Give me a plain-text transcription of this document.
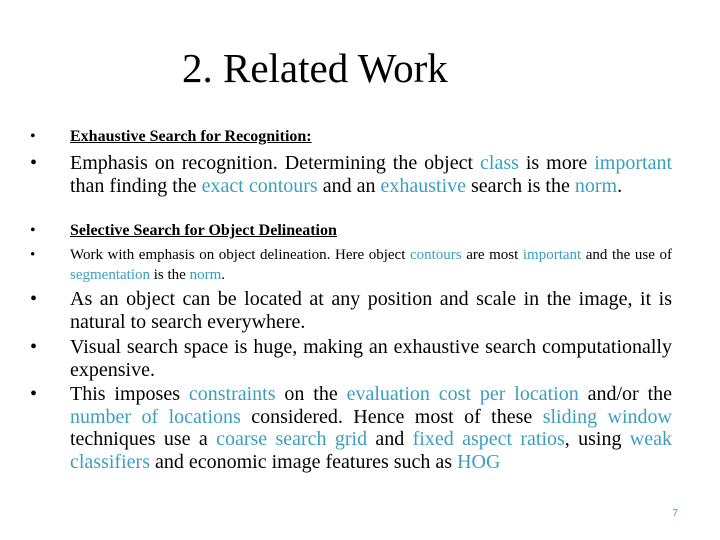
2. Related Work
•	Exhaustive Search for Recognition:
•	Emphasis on recognition. Determining the object class is more important than finding the exact contours and an exhaustive search is the norm.
•	Selective Search for Object Delineation
•	Work with emphasis on object delineation. Here object contours are most important and the use of segmentation is the norm.
•	As an object can be located at any position and scale in the image, it is natural to search everywhere.
•	Visual search space is huge, making an exhaustive search computationally expensive.
•	This imposes constraints on the evaluation cost per location and/or the number of locations considered. Hence most of these sliding window techniques use a coarse search grid and fixed aspect ratios, using weak classifiers and economic image features such as HOG
7
